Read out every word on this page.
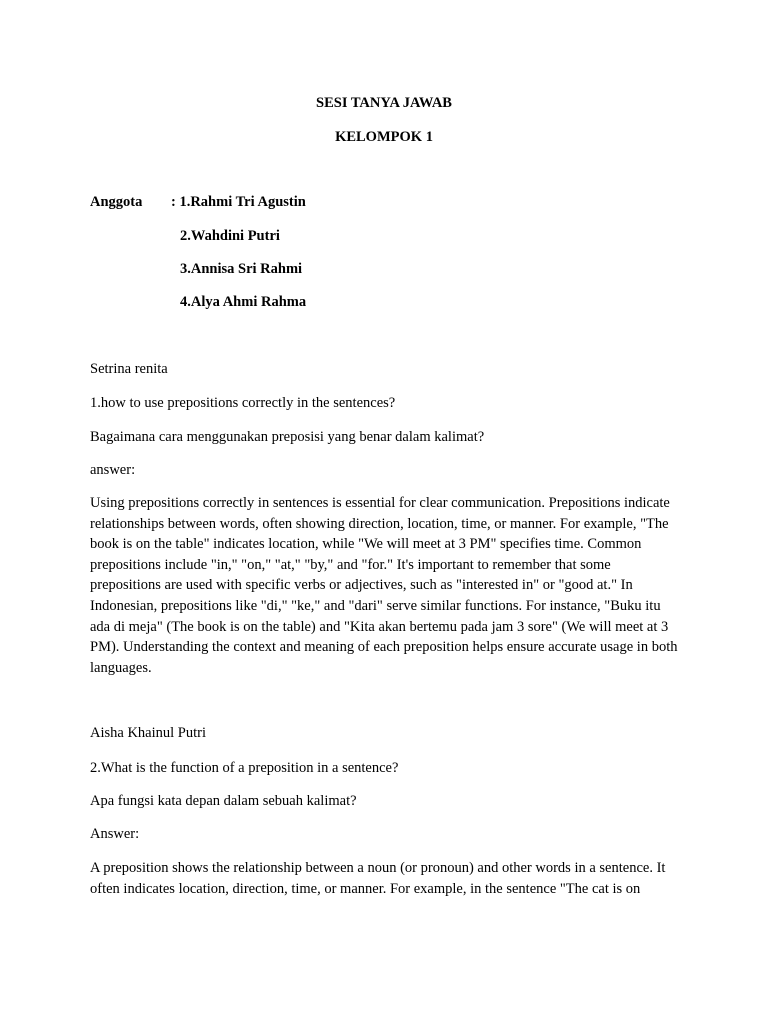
SESI TANYA JAWAB

KELOMPOK 1

Anggota : 1.Rahmi Tri Agustin

2.Wahdini Putri

3.Annisa Sri Rahmi

4.Alya Ahmi Rahma

Setrina renita

1.how to use prepositions correctly in the sentences?

Bagaimana cara menggunakan preposisi yang benar dalam kalimat?

answer:

Using prepositions correctly in sentences is essential for clear communication. Prepositions indicate relationships between words, often showing direction, location, time, or manner. For example, "The book is on the table" indicates location, while "We will meet at 3 PM" specifies time. Common prepositions include "in," "on," "at," "by," and "for." It's important to remember that some prepositions are used with specific verbs or adjectives, such as "interested in" or "good at." In Indonesian, prepositions like "di," "ke," and "dari" serve similar functions. For instance, "Buku itu ada di meja" (The book is on the table) and "Kita akan bertemu pada jam 3 sore" (We will meet at 3 PM). Understanding the context and meaning of each preposition helps ensure accurate usage in both languages.

Aisha Khainul Putri

2.What is the function of a preposition in a sentence?

Apa fungsi kata depan dalam sebuah kalimat?

Answer:

A preposition shows the relationship between a noun (or pronoun) and other words in a sentence. It often indicates location, direction, time, or manner. For example, in the sentence "The cat is on
